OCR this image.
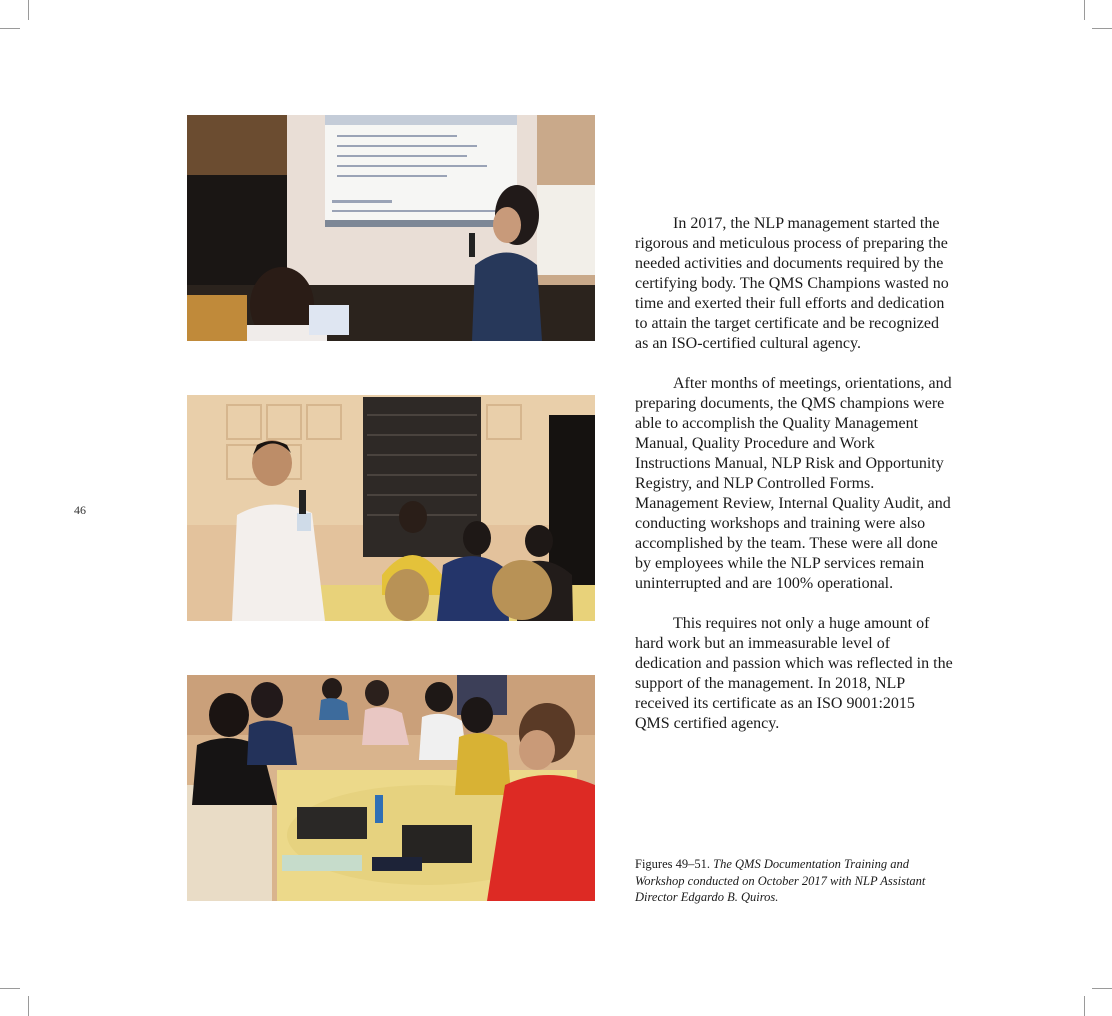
46

In 2017, the NLP management started the rigorous and meticulous process of preparing the needed activities and documents required by the certifying body. The QMS Champions wasted no time and exerted their full efforts and dedication to attain the target certificate and be recognized as an ISO-certified cultural agency.

After months of meetings, orientations, and preparing documents, the QMS champions were able to accomplish the Quality Management Manual, Quality Procedure and Work Instructions Manual, NLP Risk and Opportunity Registry, and NLP Controlled Forms. Management Review, Internal Quality Audit, and conducting workshops and training were also accomplished by the team. These were all done by employees while the NLP services remain uninterrupted and are 100% operational.

This requires not only a huge amount of hard work but an immeasurable level of dedication and passion which was reflected in the support of the management. In 2018, NLP received its certificate as an ISO 9001:2015 QMS certified agency.

Figures 49–51. The QMS Documentation Training and Workshop conducted on October 2017 with NLP Assistant Director Edgardo B. Quiros.
